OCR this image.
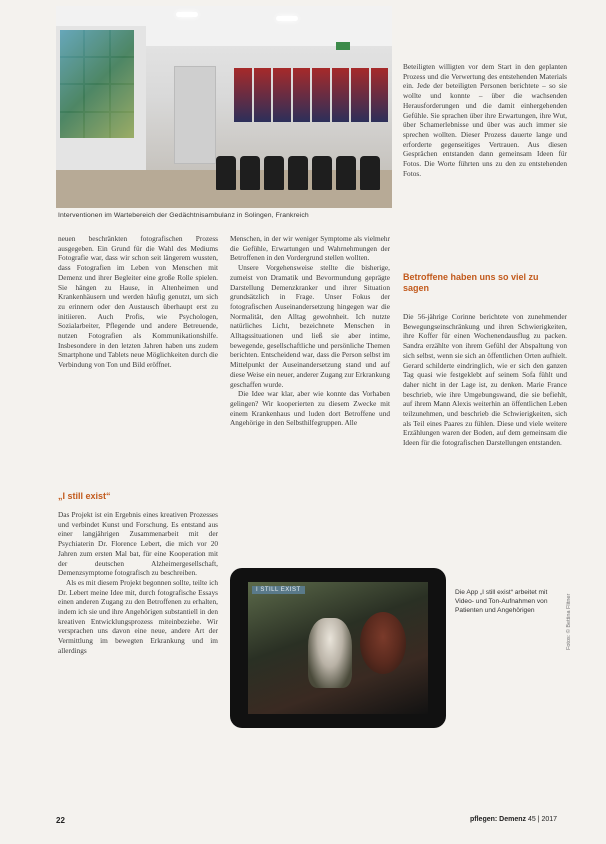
Interventionen im Wartebereich der Gedächtnisambulanz in Solingen, Frankreich

neuen beschränkten fotografischen Prozess ausgegeben. Ein Grund für die Wahl des Mediums Fotografie war, dass wir schon seit längerem wussten, dass Fotografien im Leben von Menschen mit Demenz und ihrer Begleiter eine große Rolle spielen. Sie hängen zu Hause, in Altenheimen und Krankenhäusern und werden häufig genutzt, um sich zu erinnern oder den Austausch überhaupt erst zu initiieren. Auch Profis, wie Psychologen, Sozialarbeiter, Pflegende und andere Betreuende, nutzen Fotografien als Kommunikationshilfe. Insbesondere in den letzten Jahren haben uns zudem Smartphone und Tablets neue Möglichkeiten durch die Verbindung von Ton und Bild eröffnet.

„I still exist“

Das Projekt ist ein Ergebnis eines kreativen Prozesses und verbindet Kunst und Forschung. Es entstand aus einer langjährigen Zusammenarbeit mit der Psychiaterin Dr. Florence Lebert, die mich vor 20 Jahren zum ersten Mal bat, für eine Kooperation mit der deutschen Alzheimergesellschaft, Demenzsymptome fotografisch zu beschreiben.

Als es mit diesem Projekt begonnen sollte, teilte ich Dr. Lebert meine Idee mit, durch fotografische Essays einen anderen Zugang zu den Betroffenen zu erhalten, indem ich sie und ihre Angehörigen substantiell in den kreativen Entwicklungsprozess miteinbeziehe. Wir versprachen uns davon eine neue, andere Art der Vermittlung im bewegten Erkrankung und im allerdings

Menschen, in der wir weniger Symptome als vielmehr die Gefühle, Erwartungen und Wahrnehmungen der Betroffenen in den Vordergrund stellen wollten.

Unsere Vorgehensweise stellte die bisherige, zumeist von Dramatik und Bevormundung geprägte Darstellung Demenzkranker und ihrer Situation grundsätzlich in Frage. Unser Fokus der fotografischen Auseinandersetzung hingegen war die Normalität, den Alltag gewohnheit. Ich nutzte natürliches Licht, bezeichnete Menschen in Alltagssituationen und ließ sie aber intime, bewegende, gesellschaftliche und persönliche Themen berichten. Entscheidend war, dass die Person selbst im Mittelpunkt der Auseinandersetzung stand und auf diese Weise ein neuer, anderer Zugang zur Erkrankung geschaffen wurde.

Die Idee war klar, aber wie konnte das Vorhaben gelingen? Wir kooperierten zu diesem Zwecke mit einem Krankenhaus und luden dort Betroffene und Angehörige in den Selbsthilfegruppen. Alle

Beteiligten willigten vor dem Start in den geplanten Prozess und die Verwertung des entstehenden Materials ein. Jede der beteiligten Personen berichtete – so sie wollte und konnte – über die wachsenden Herausforderungen und die damit einhergehenden Gefühle. Sie sprachen über ihre Erwartungen, ihre Wut, über Schamerlebnisse und über was auch immer sie sprechen wollten. Dieser Prozess dauerte lange und erforderte gegenseitiges Vertrauen. Aus diesen Gesprächen entstanden dann gemeinsam Ideen für Fotos. Die Worte führten uns zu den zu entstehenden Fotos.

Betroffene haben uns so viel zu sagen

Die 56-jährige Corinne berichtete von zunehmender Bewegungseinschränkung und ihren Schwierigkeiten, ihre Koffer für einen Wochenendausflug zu packen. Sandra erzählte von ihrem Gefühl der Abspaltung von sich selbst, wenn sie sich an öffentlichen Orten aufhielt. Gerard schilderte eindringlich, wie er sich den ganzen Tag quasi wie festgeklebt auf seinem Sofa fühlt und daher nicht in der Lage ist, zu denken. Marie France beschrieb, wie ihre Umgebungswand, die sie befiehlt, auf ihrem Mann Alexis weiterhin an öffentlichen Leben teilzunehmen, und beschrieb die Schwierigkeiten, sich als Teil eines Paares zu fühlen. Diese und viele weitere Erzählungen waren der Boden, auf dem gemeinsam die Ideen für die fotografischen Darstellungen entstanden.

I STILL EXIST	Die App „I still exist“ arbeitet mit Video- und Ton-Aufnahmen von Patienten und Angehörigen	Fotos: © Bettina Flitner
22	pflegen: Demenz 45 | 2017
